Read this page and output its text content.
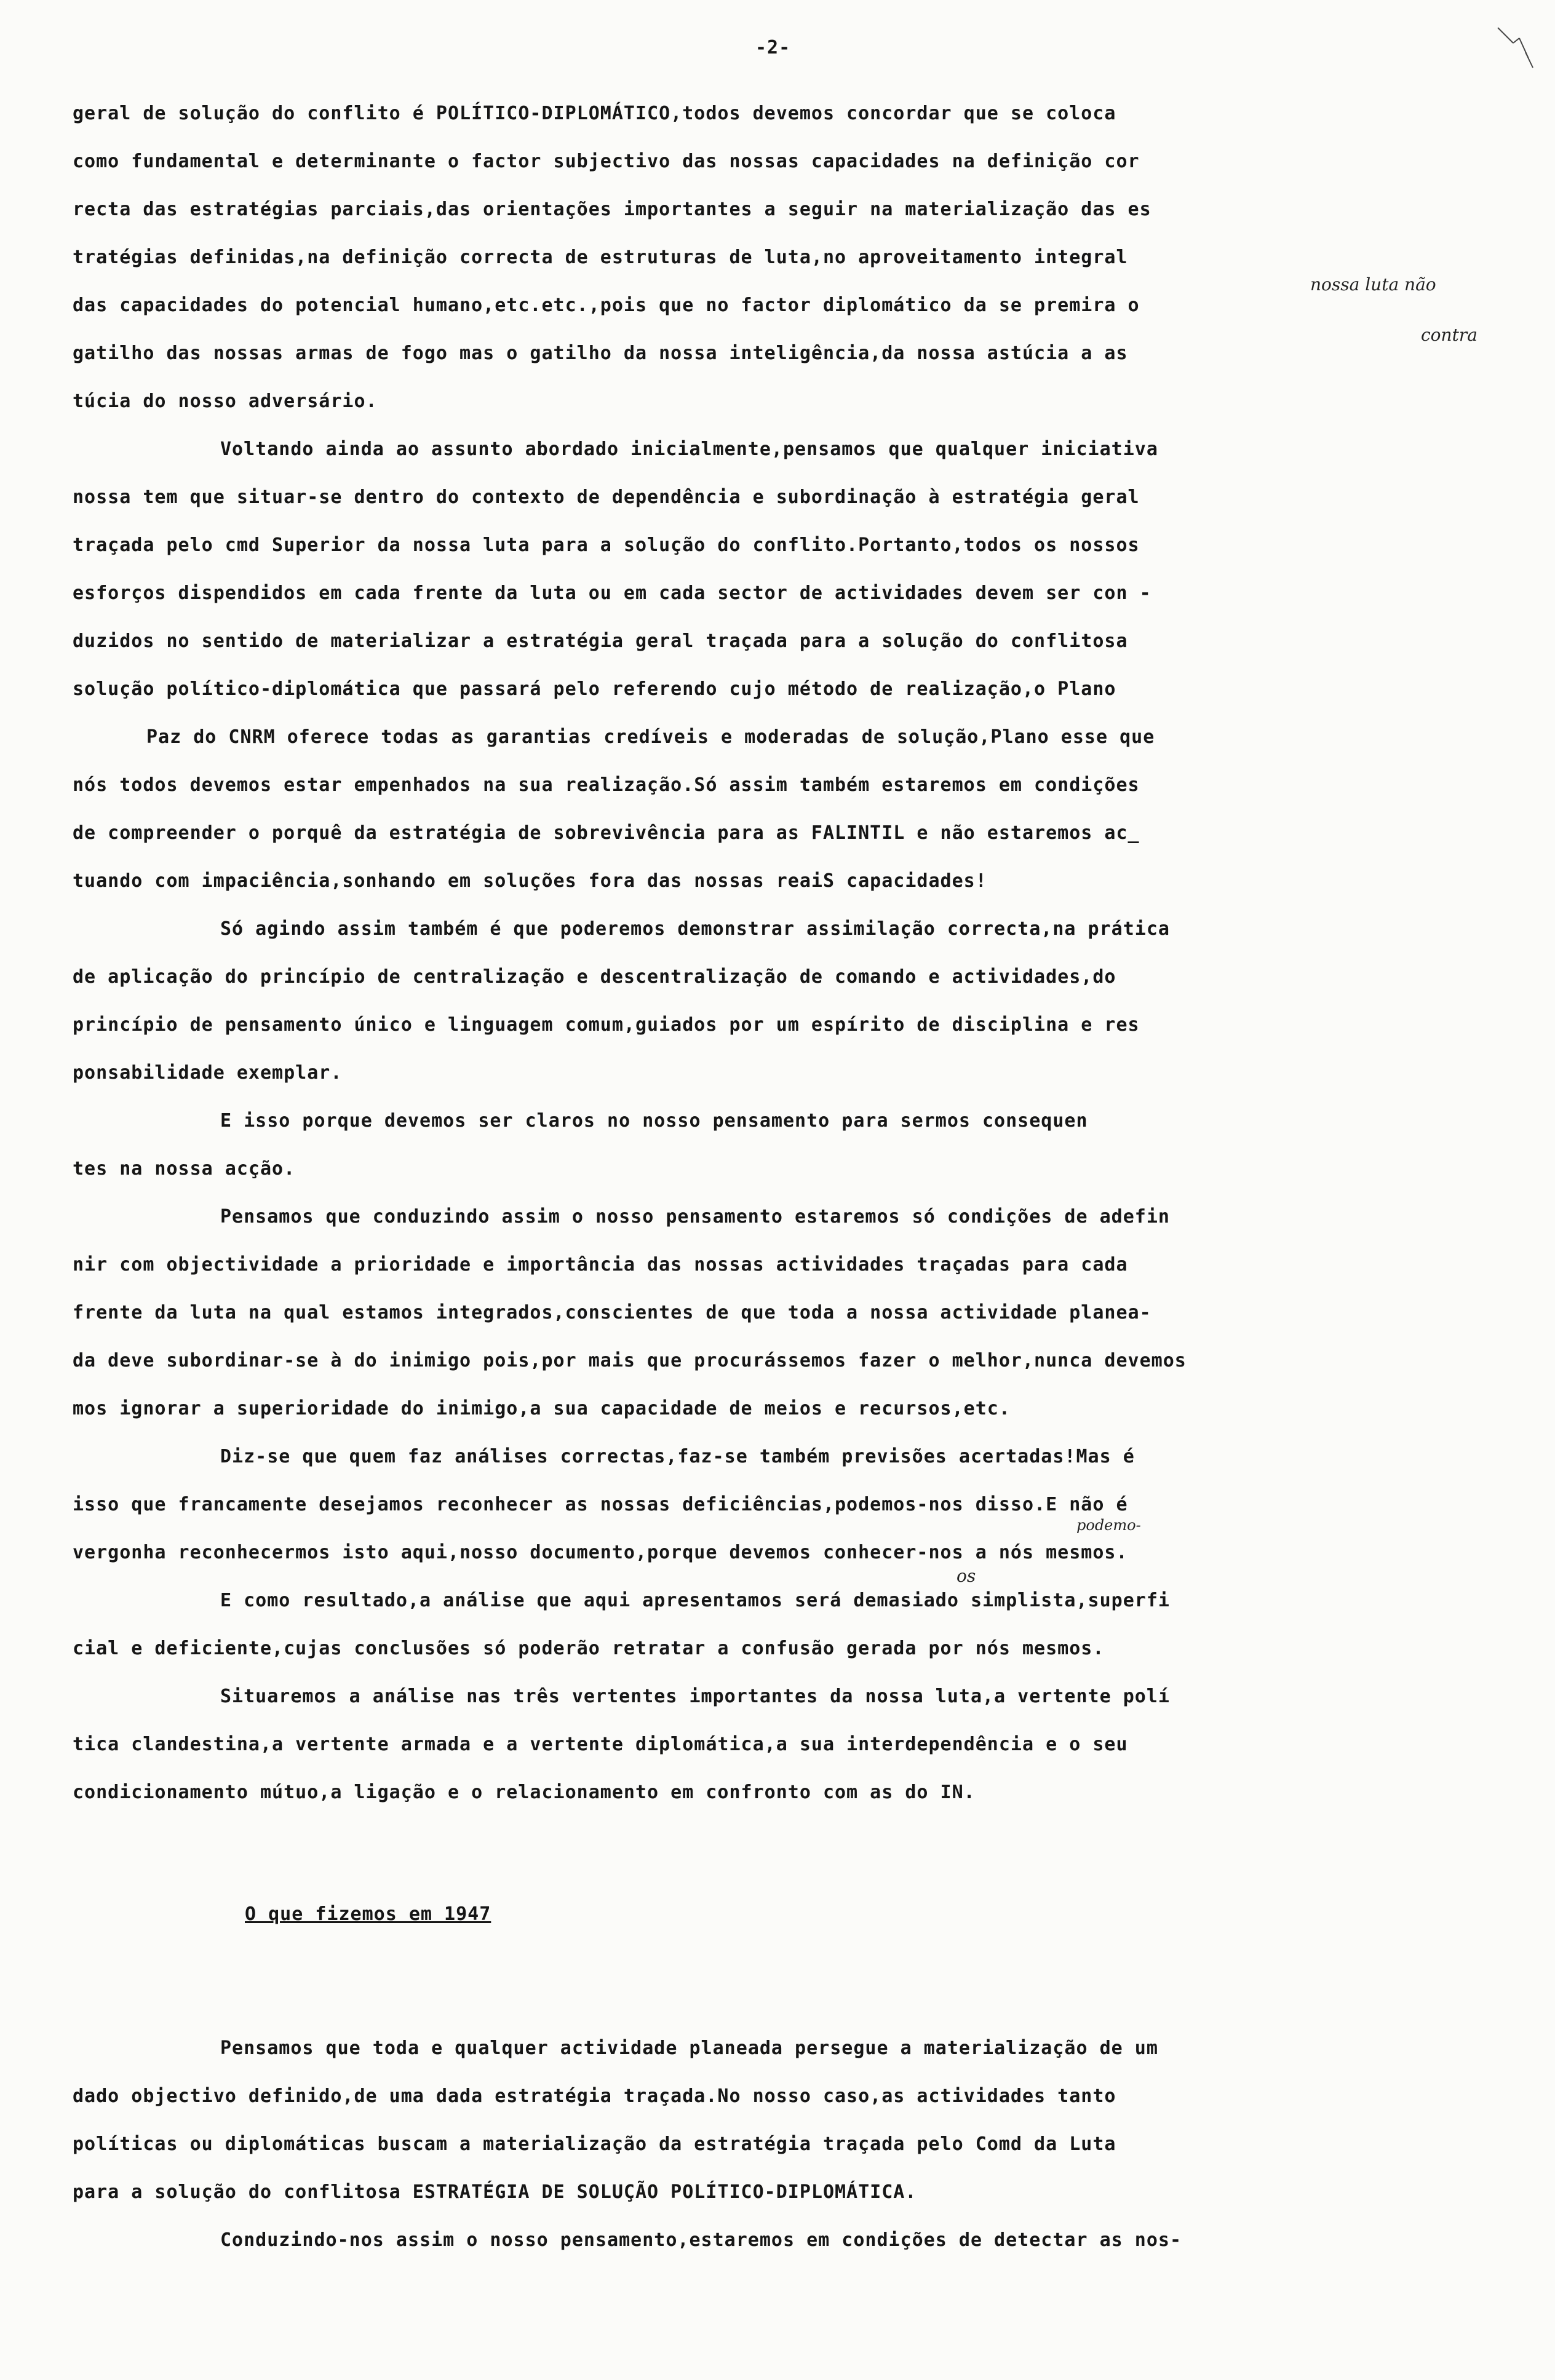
-2-
nossa luta não
contra
podemo-
os
geral de solução do conflito é POLÍTICO-DIPLOMÁTICO,todos devemos concordar que se coloca
como fundamental e determinante o factor subjectivo das nossas capacidades na definição cor
recta das estratégias parciais,das orientações importantes a seguir na materialização das es
tratégias definidas,na definição correcta de estruturas de luta,no aproveitamento integral
das capacidades do potencial humano,etc.etc.,pois que no factor diplomático da se premira o
gatilho das nossas armas de fogo mas o gatilho da nossa inteligência,da nossa astúcia a as
túcia do nosso adversário.
Voltando ainda ao assunto abordado inicialmente,pensamos que qualquer iniciativa
nossa tem que situar-se dentro do contexto de dependência e subordinação à estratégia geral
traçada pelo cmd Superior da nossa luta para a solução do conflito.Portanto,todos os nossos
esforços dispendidos em cada frente da luta ou em cada sector de actividades devem ser con -
duzidos no sentido de materializar a estratégia geral traçada para a solução do conflitosa
solução político-diplomática que passará pelo referendo cujo método de realização,o Plano
Paz do CNRM oferece todas as garantias credíveis e moderadas de solução,Plano esse que
nós todos devemos estar empenhados na sua realização.Só assim também estaremos em condições
de compreender o porquê da estratégia de sobrevivência para as FALINTIL e não estaremos ac_
tuando com impaciência,sonhando em soluções fora das nossas reaiS capacidades!
Só agindo assim também é que poderemos demonstrar assimilação correcta,na prática
de aplicação do princípio de centralização e descentralização de comando e actividades,do
princípio de pensamento único e linguagem comum,guiados por um espírito de disciplina e res
ponsabilidade exemplar.
E isso porque devemos ser claros no nosso pensamento para sermos consequen
tes na nossa acção.
Pensamos que conduzindo assim o nosso pensamento estaremos só condições de adefin
nir com objectividade a prioridade e importância das nossas actividades traçadas para cada
frente da luta na qual estamos integrados,conscientes de que toda a nossa actividade planea-
da deve subordinar-se à do inimigo pois,por mais que procurássemos fazer o melhor,nunca devemos
mos ignorar a superioridade do inimigo,a sua capacidade de meios e recursos,etc.
Diz-se que quem faz análises correctas,faz-se também previsões acertadas!Mas é
isso que francamente desejamos reconhecer as nossas deficiências,podemos-nos disso.E não é
vergonha reconhecermos isto aqui,nosso documento,porque devemos conhecer-nos a nós mesmos.
E como resultado,a análise que aqui apresentamos será demasiado simplista,superfi
cial e deficiente,cujas conclusões só poderão retratar a confusão gerada por nós mesmos.
Situaremos a análise nas três vertentes importantes da nossa luta,a vertente polí
tica clandestina,a vertente armada e a vertente diplomática,a sua interdependência e o seu
condicionamento mútuo,a ligação e o relacionamento em confronto com as do IN.
O que fizemos em 1947
Pensamos que toda e qualquer actividade planeada persegue a materialização de um
dado objectivo definido,de uma dada estratégia traçada.No nosso caso,as actividades tanto
políticas ou diplomáticas buscam a materialização da estratégia traçada pelo Comd da Luta
para a solução do conflitosa ESTRATÉGIA DE SOLUÇÃO POLÍTICO-DIPLOMÁTICA.
Conduzindo-nos assim o nosso pensamento,estaremos em condições de detectar as nos-
